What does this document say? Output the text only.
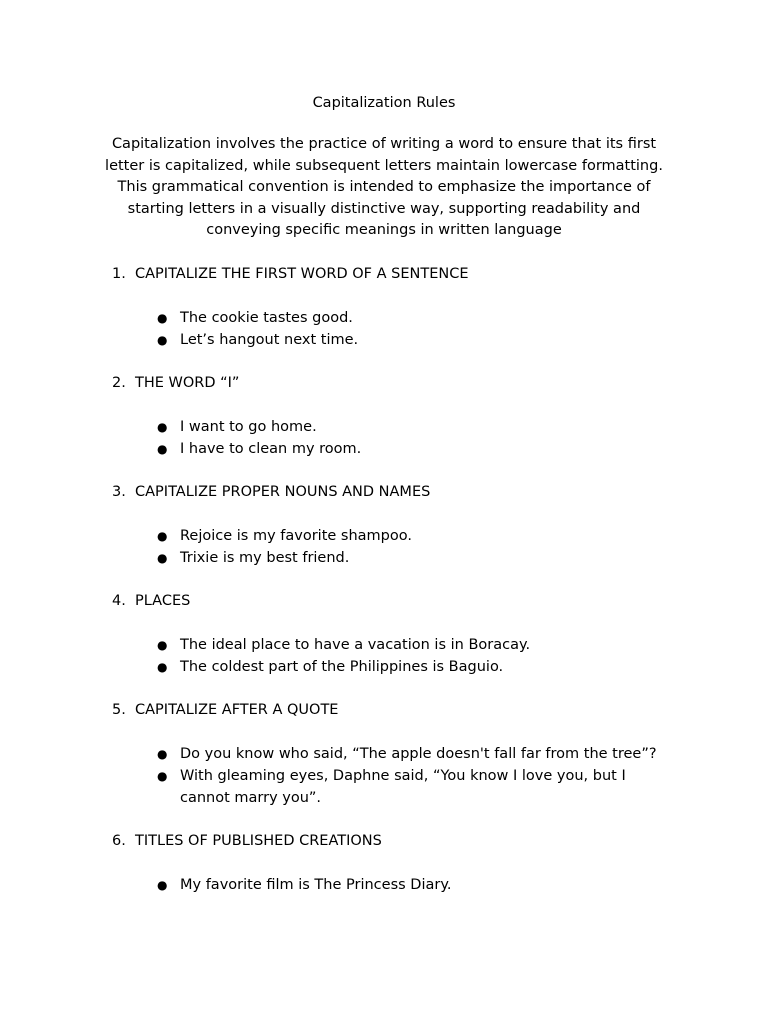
Capitalization Rules
Capitalization involves the practice of writing a word to ensure that its first letter is capitalized, while subsequent letters maintain lowercase formatting. This grammatical convention is intended to emphasize the importance of starting letters in a visually distinctive way, supporting readability and conveying specific meanings in written language
1. CAPITALIZE THE FIRST WORD OF A SENTENCE
● The cookie tastes good.
● Let’s hangout next time.
2. THE WORD “I”
● I want to go home.
● I have to clean my room.
3. CAPITALIZE PROPER NOUNS AND NAMES
● Rejoice is my favorite shampoo.
● Trixie is my best friend.
4. PLACES
● The ideal place to have a vacation is in Boracay.
● The coldest part of the Philippines is Baguio.
5. CAPITALIZE AFTER A QUOTE
● Do you know who said, “The apple doesn't fall far from the tree”?
● With gleaming eyes, Daphne said, “You know I love you, but I cannot marry you”.
6. TITLES OF PUBLISHED CREATIONS
● My favorite film is The Princess Diary.
